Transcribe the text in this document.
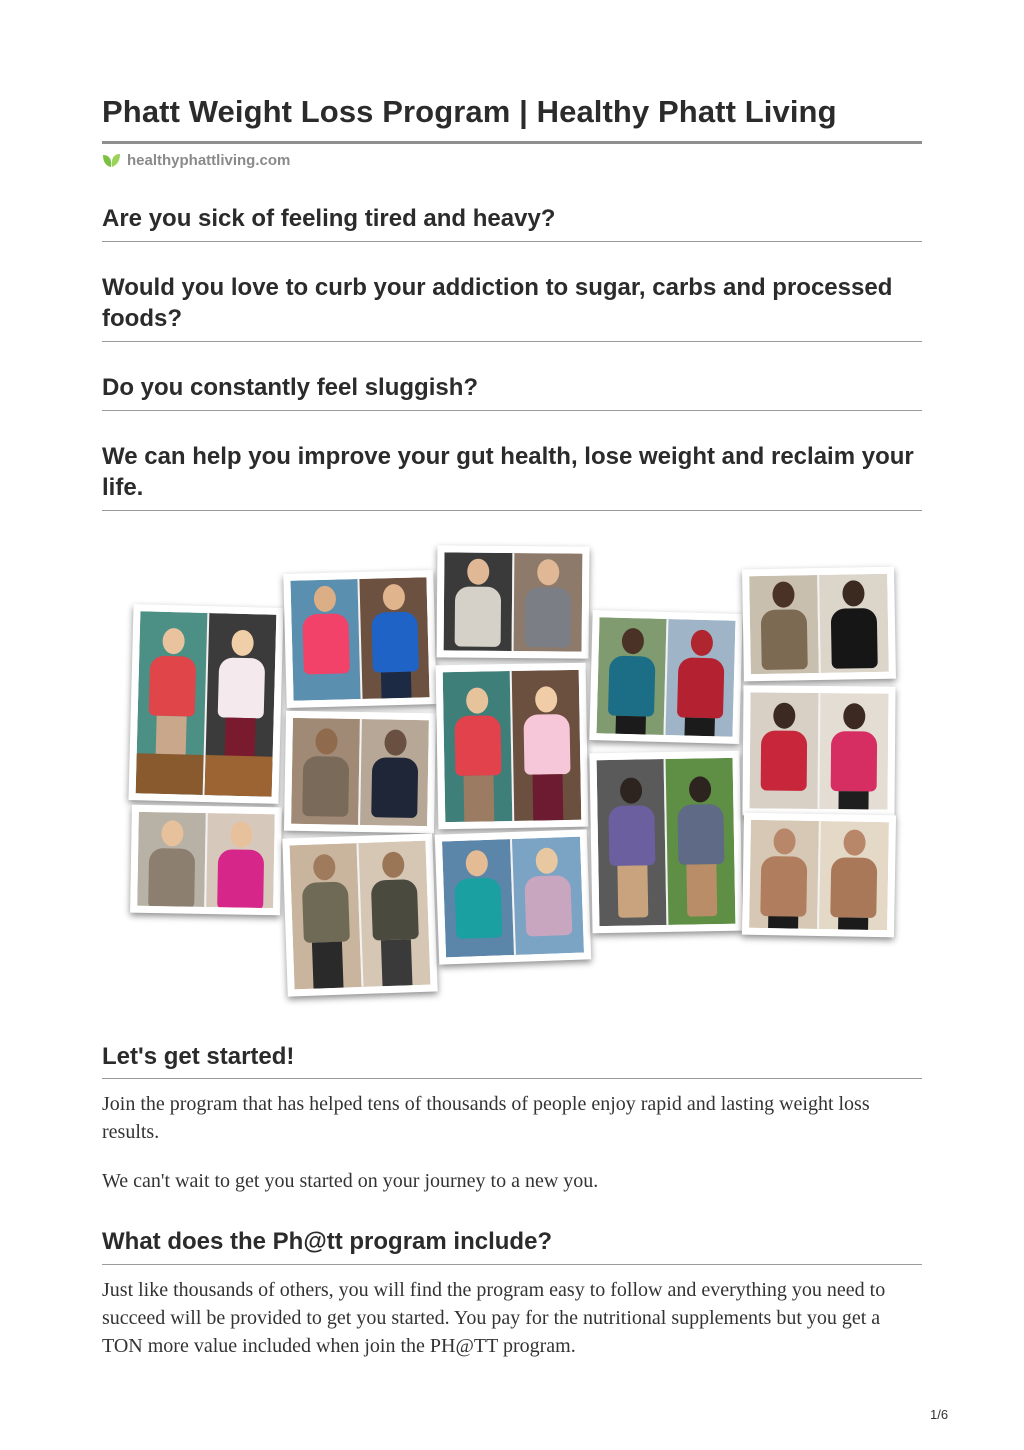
Phatt Weight Loss Program | Healthy Phatt Living
healthyphattliving.com
Are you sick of feeling tired and heavy?
Would you love to curb your addiction to sugar, carbs and processed foods?
Do you constantly feel sluggish?
We can help you improve your gut health, lose weight and reclaim your life.
Let's get started!

Join the program that has helped tens of thousands of people enjoy rapid and lasting weight loss results.

We can't wait to get you started on your journey to a new you.

What does the Ph@tt program include?

Just like thousands of others, you will find the program easy to follow and everything you need to succeed will be provided to get you started. You pay for the nutritional supplements but you get a TON more value included when join the PH@TT program.

1/6
